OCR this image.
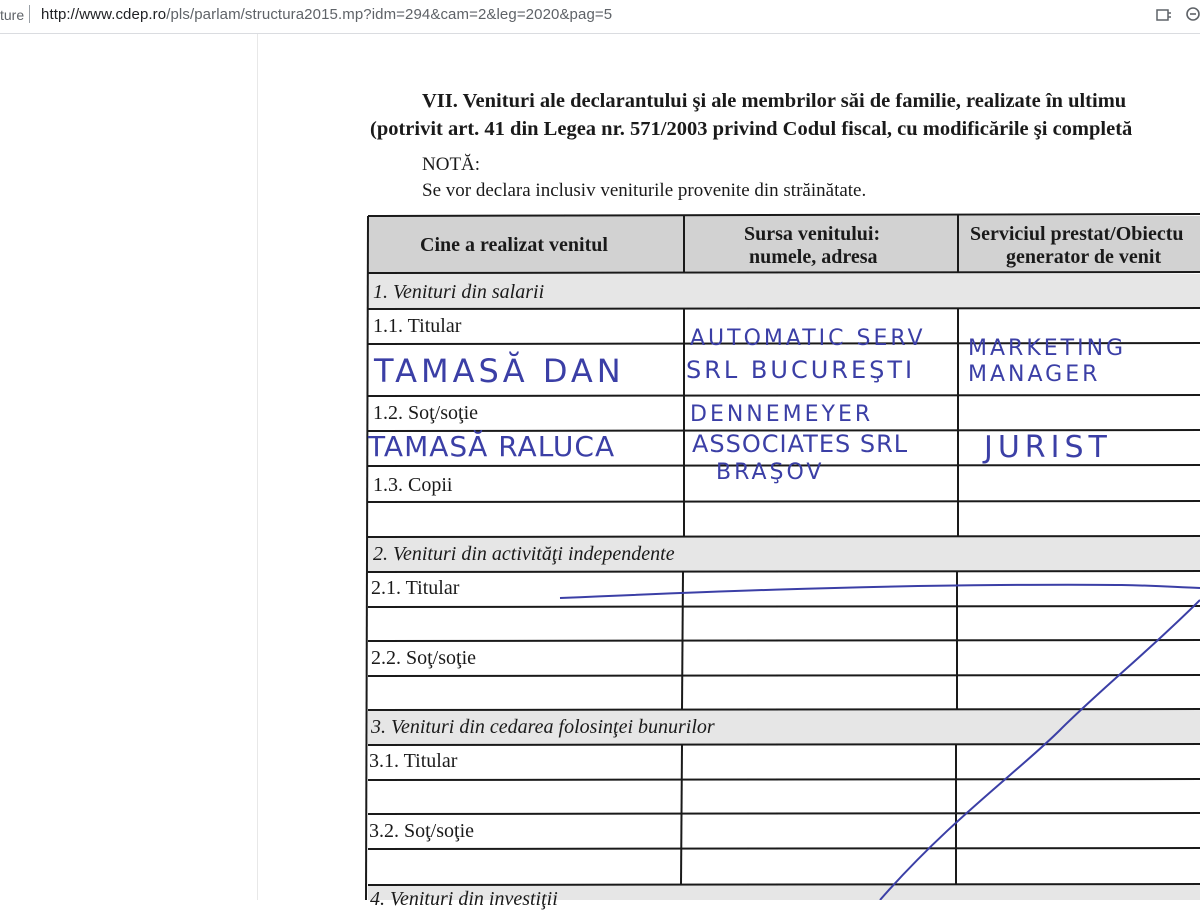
ture http://www.cdep.ro/pls/parlam/structura2015.mp?idm=294&cam=2&leg=2020&pag=5
VII. Venituri ale declarantului şi ale membrilor săi de familie, realizate în ultimu
(potrivit art. 41 din Legea nr. 571/2003 privind Codul fiscal, cu modificările şi completă
NOTĂ:
Se vor declara inclusiv veniturile provenite din străinătate.
Cine a realizat venitul	Sursa venitului:
numele, adresa
Serviciul prestat/Obiectu
generator de venit
1. Venituri din salarii
2. Venituri din activităţi independente
3. Venituri din cedarea folosinţei bunurilor
4. Venituri din investiţii
1.1. Titular
1.2. Soţ/soţie
1.3. Copii
2.1. Titular
2.2. Soţ/soţie
3.1. Titular
3.2. Soţ/soţie
TAMASĂ DAN
AUTOMATIC SERV
SRL BUCUREŞTI
MARKETING
MANAGER
TAMASĂ RALUCA
DENNEMEYER
ASSOCIATES SRL
BRAŞOV
JURIST
